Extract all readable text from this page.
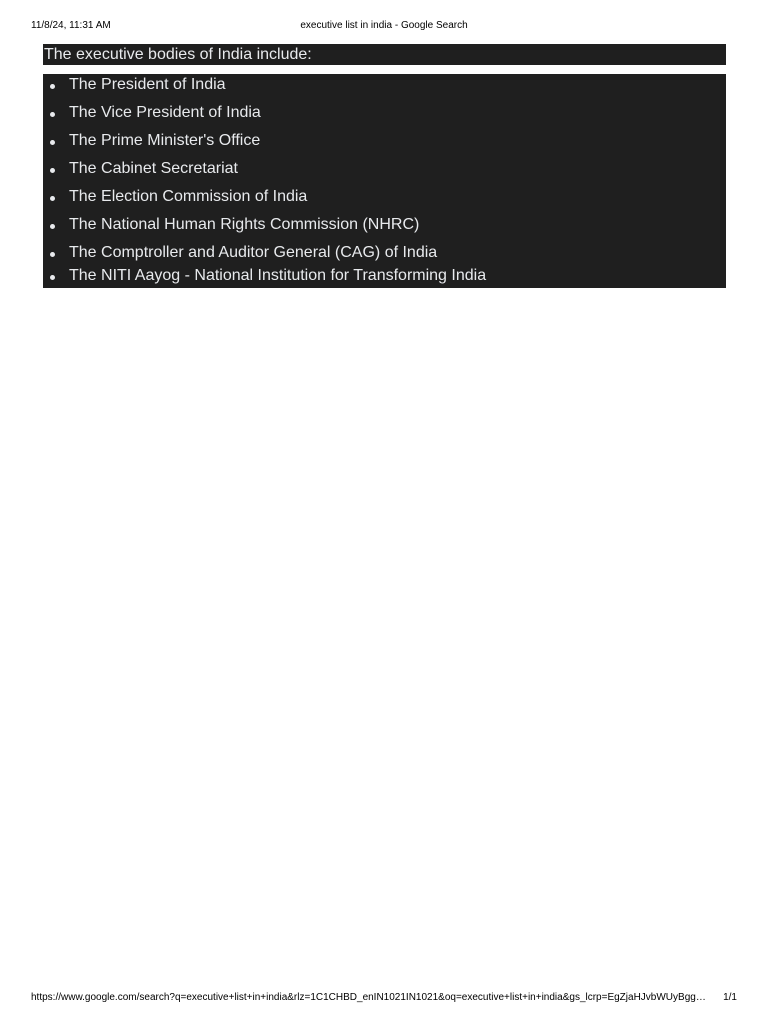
11/8/24, 11:31 AM	executive list in india - Google Search
The executive bodies of India include:
The President of India
The Vice President of India
The Prime Minister's Office
The Cabinet Secretariat
The Election Commission of India
The National Human Rights Commission (NHRC)
The Comptroller and Auditor General (CAG) of India
The NITI Aayog - National Institution for Transforming India
https://www.google.com/search?q=executive+list+in+india&rlz=1C1CHBD_enIN1021IN1021&oq=executive+list+in+india&gs_lcrp=EgZjaHJvbWUyBgg…	1/1
